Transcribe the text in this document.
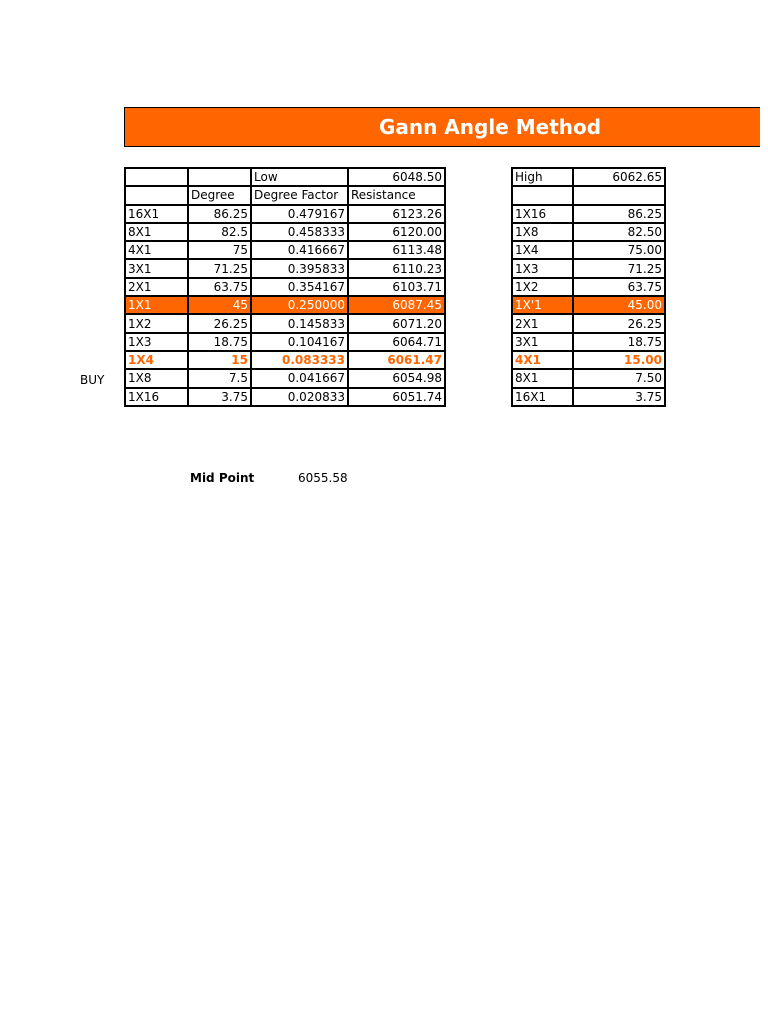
Gann Angle Method
BUY
		Low	6048.50		High	6062.65
	Degree	Degree Factor	Resistance			
16X1	86.25	0.479167	6123.26		1X16	86.25
8X1	82.5	0.458333	6120.00		1X8	82.50
4X1	75	0.416667	6113.48		1X4	75.00
3X1	71.25	0.395833	6110.23		1X3	71.25
2X1	63.75	0.354167	6103.71		1X2	63.75
1X1	45	0.250000	6087.45		1X'1	45.00
1X2	26.25	0.145833	6071.20		2X1	26.25
1X3	18.75	0.104167	6064.71		3X1	18.75
1X4	15	0.083333	6061.47		4X1	15.00
1X8	7.5	0.041667	6054.98		8X1	7.50
1X16	3.75	0.020833	6051.74		16X1	3.75
Mid Point	6055.58
